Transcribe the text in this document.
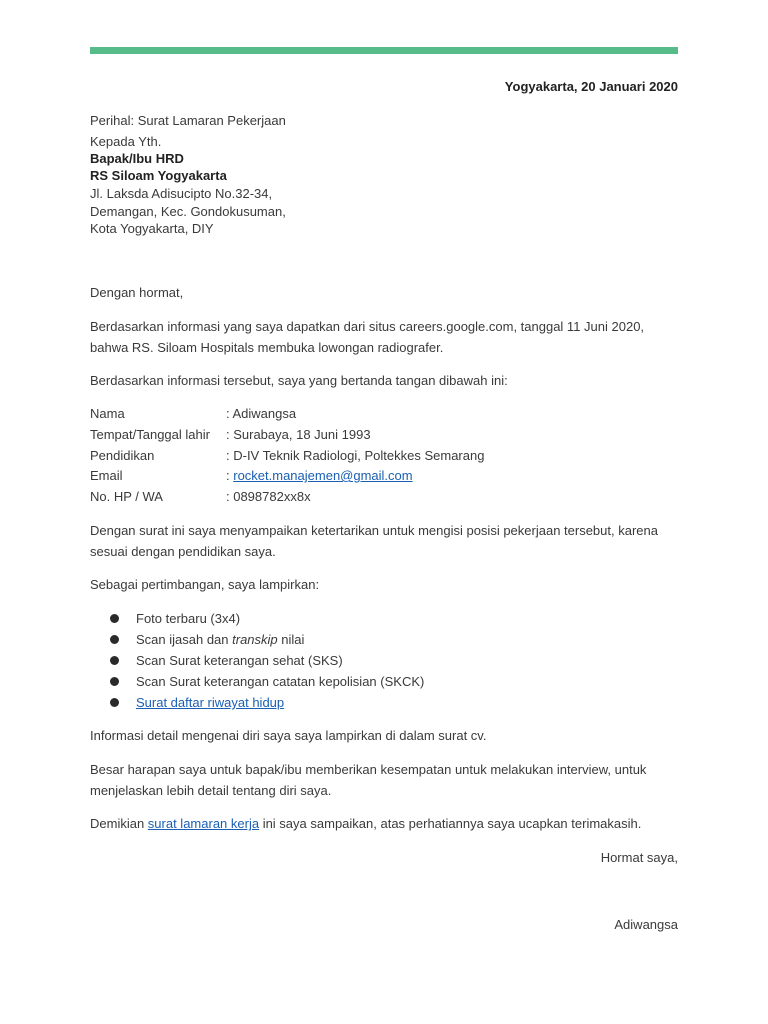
Yogyakarta, 20 Januari 2020
Perihal: Surat Lamaran Pekerjaan
Kepada Yth.
Bapak/Ibu HRD
RS Siloam Yogyakarta
Jl. Laksda Adisucipto No.32-34,
Demangan, Kec. Gondokusuman,
Kota Yogyakarta, DIY
Dengan hormat,
Berdasarkan informasi yang saya dapatkan dari situs careers.google.com, tanggal 11 Juni 2020, bahwa RS. Siloam Hospitals membuka lowongan radiografer.
Berdasarkan informasi tersebut, saya yang bertanda tangan dibawah ini:
Nama	: Adiwangsa
Tempat/Tanggal lahir : Surabaya, 18 Juni 1993
Pendidikan	: D-IV Teknik Radiologi, Poltekkes Semarang
Email	: rocket.manajemen@gmail.com
No. HP / WA	: 0898782xx8x
Dengan surat ini saya menyampaikan ketertarikan untuk mengisi posisi pekerjaan tersebut, karena sesuai dengan pendidikan saya.
Sebagai pertimbangan, saya lampirkan:
Foto terbaru (3x4)
Scan ijasah dan transkip nilai
Scan Surat keterangan sehat (SKS)
Scan Surat keterangan catatan kepolisian (SKCK)
Surat daftar riwayat hidup
Informasi detail mengenai diri saya saya lampirkan di dalam surat cv.
Besar harapan saya untuk bapak/ibu memberikan kesempatan untuk melakukan interview, untuk menjelaskan lebih detail tentang diri saya.
Demikian surat lamaran kerja ini saya sampaikan, atas perhatiannya saya ucapkan terimakasih.
Hormat saya,
Adiwangsa
